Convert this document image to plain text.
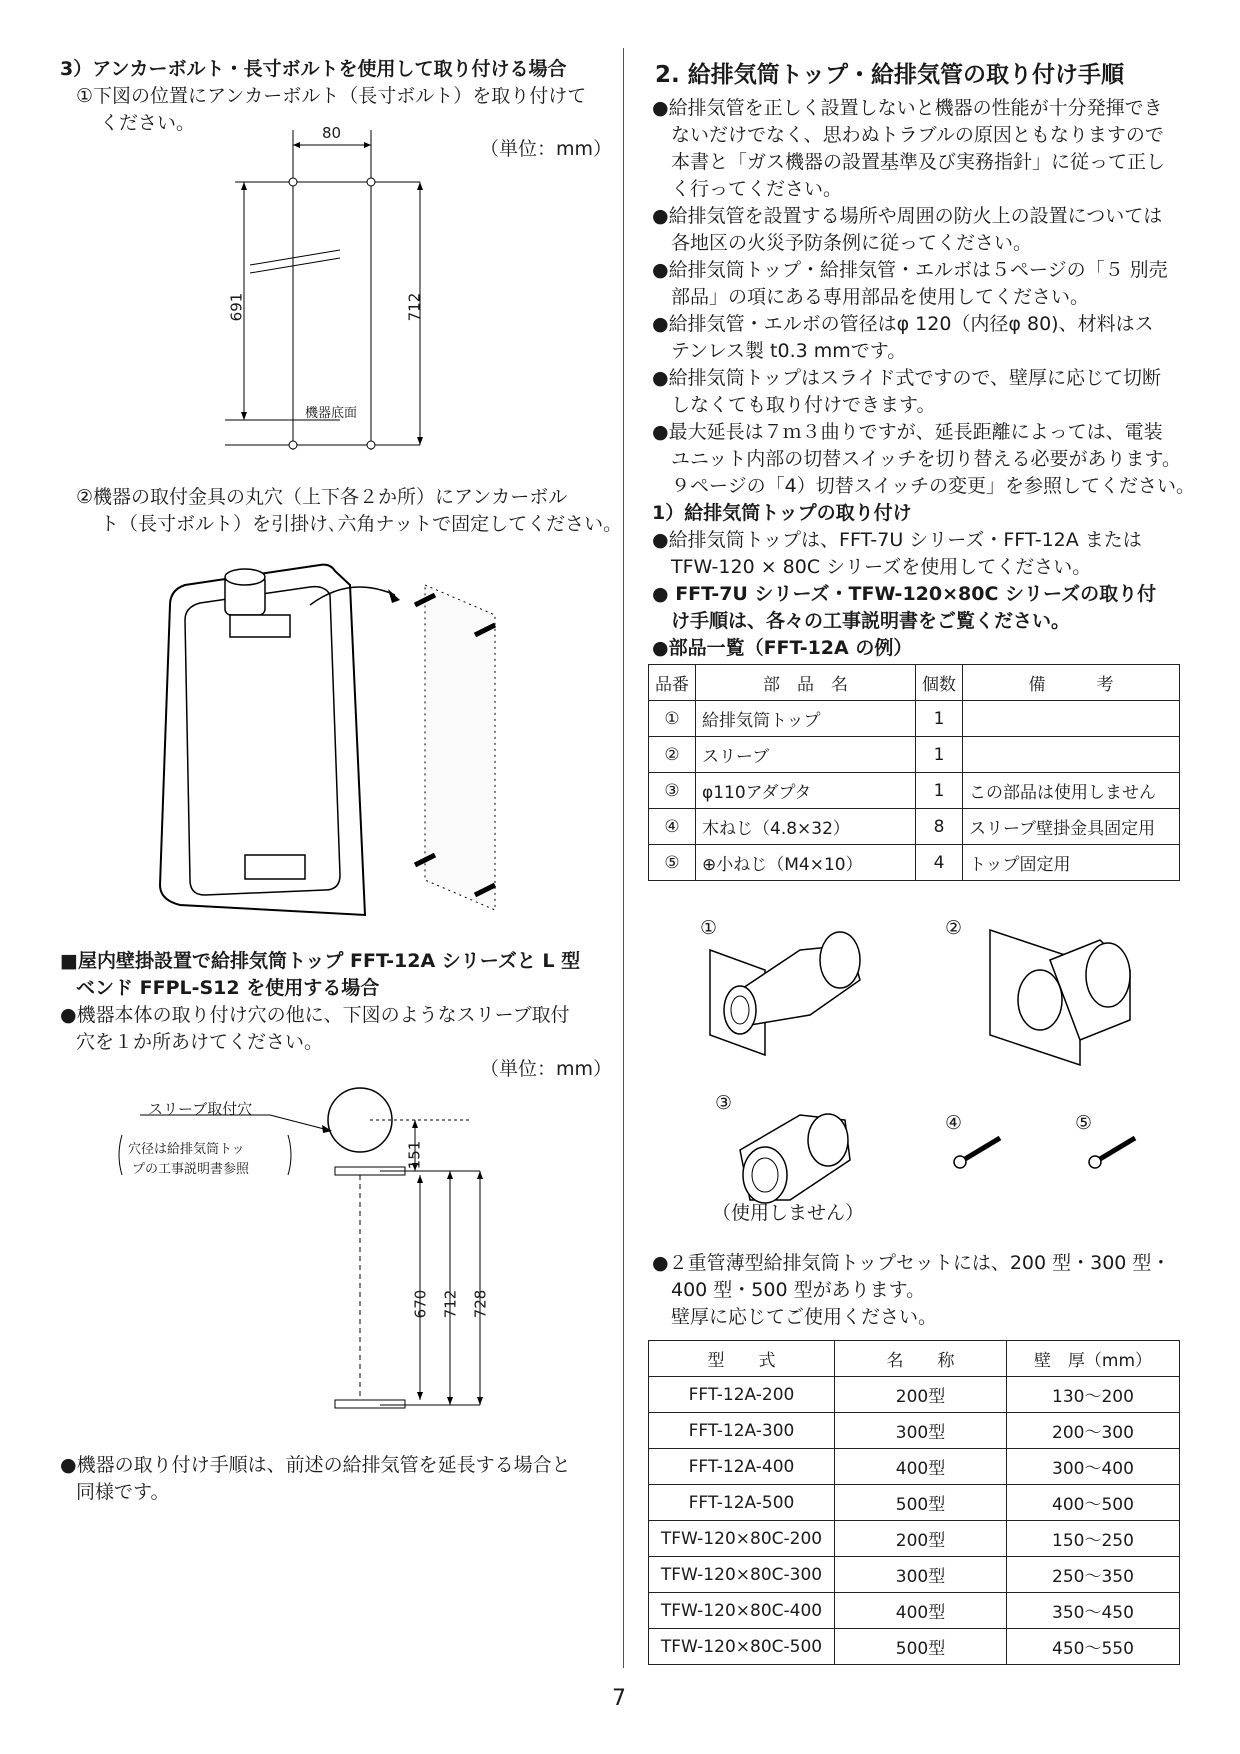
3）アンカーボルト・長寸ボルトを使用して取り付ける場合
①下図の位置にアンカーボルト（長寸ボルト）を取り付けて
ください。
（単位：mm）
80
691	712
機器底面
②機器の取付金具の丸穴（上下各２か所）にアンカーボル
ト（長寸ボルト）を引掛け､六角ナットで固定してください。
■屋内壁掛設置で給排気筒トップ FFT-12A シリーズと L 型
ベンド FFPL-S12 を使用する場合
●機器本体の取り付け穴の他に、下図のようなスリーブ取付
穴を１か所あけてください。
（単位：mm）
スリーブ取付穴
穴径は給排気筒トッ
プの工事説明書参照
151
670 712 728
●機器の取り付け手順は、前述の給排気管を延長する場合と
同様です。
2. 給排気筒トップ・給排気管の取り付け手順
●給排気管を正しく設置しないと機器の性能が十分発揮でき
　ないだけでなく、思わぬトラブルの原因ともなりますので
　本書と「ガス機器の設置基準及び実務指針」に従って正し
　く行ってください。
●給排気管を設置する場所や周囲の防火上の設置については
　各地区の火災予防条例に従ってください。
●給排気筒トップ・給排気管・エルボは５ページの「５ 別売
　部品」の項にある専用部品を使用してください。
●給排気管・エルボの管径はφ 120（内径φ 80)、材料はス
　テンレス製 t0.3 mmです。
●給排気筒トップはスライド式ですので、壁厚に応じて切断
　しなくても取り付けできます。
●最大延長は７ｍ３曲りですが、延長距離によっては、電装
　ユニット内部の切替スイッチを切り替える必要があります。
　９ページの「4）切替スイッチの変更」を参照してください。
1）給排気筒トップの取り付け
●給排気筒トップは、FFT-7U シリーズ・FFT-12A または
　TFW-120 × 80C シリーズを使用してください。
● FFT-7U シリーズ・TFW-120×80C シリーズの取り付
　け手順は、各々の工事説明書をご覧ください。
●部品一覧（FFT-12A の例）
品番	部　品　名	個数	備　　　考
①	給排気筒トップ	1	
②	スリーブ	1	
③	φ110アダプタ	1	この部品は使用しません
④	木ねじ（4.8×32）	8	スリーブ壁掛金具固定用
⑤	⊕小ねじ（M4×10）	4	トップ固定用
①	②
③
④	⑤
（使用しません）
●２重管薄型給排気筒トップセットには、200 型・300 型・
　400 型・500 型があります。
　壁厚に応じてご使用ください。
型　　式	名　　称	壁　厚（mm）
FFT-12A-200	200型	130～200
FFT-12A-300	300型	200～300
FFT-12A-400	400型	300～400
FFT-12A-500	500型	400～500
TFW-120×80C-200	200型	150～250
TFW-120×80C-300	300型	250～350
TFW-120×80C-400	400型	350～450
TFW-120×80C-500	500型	450～550
7
